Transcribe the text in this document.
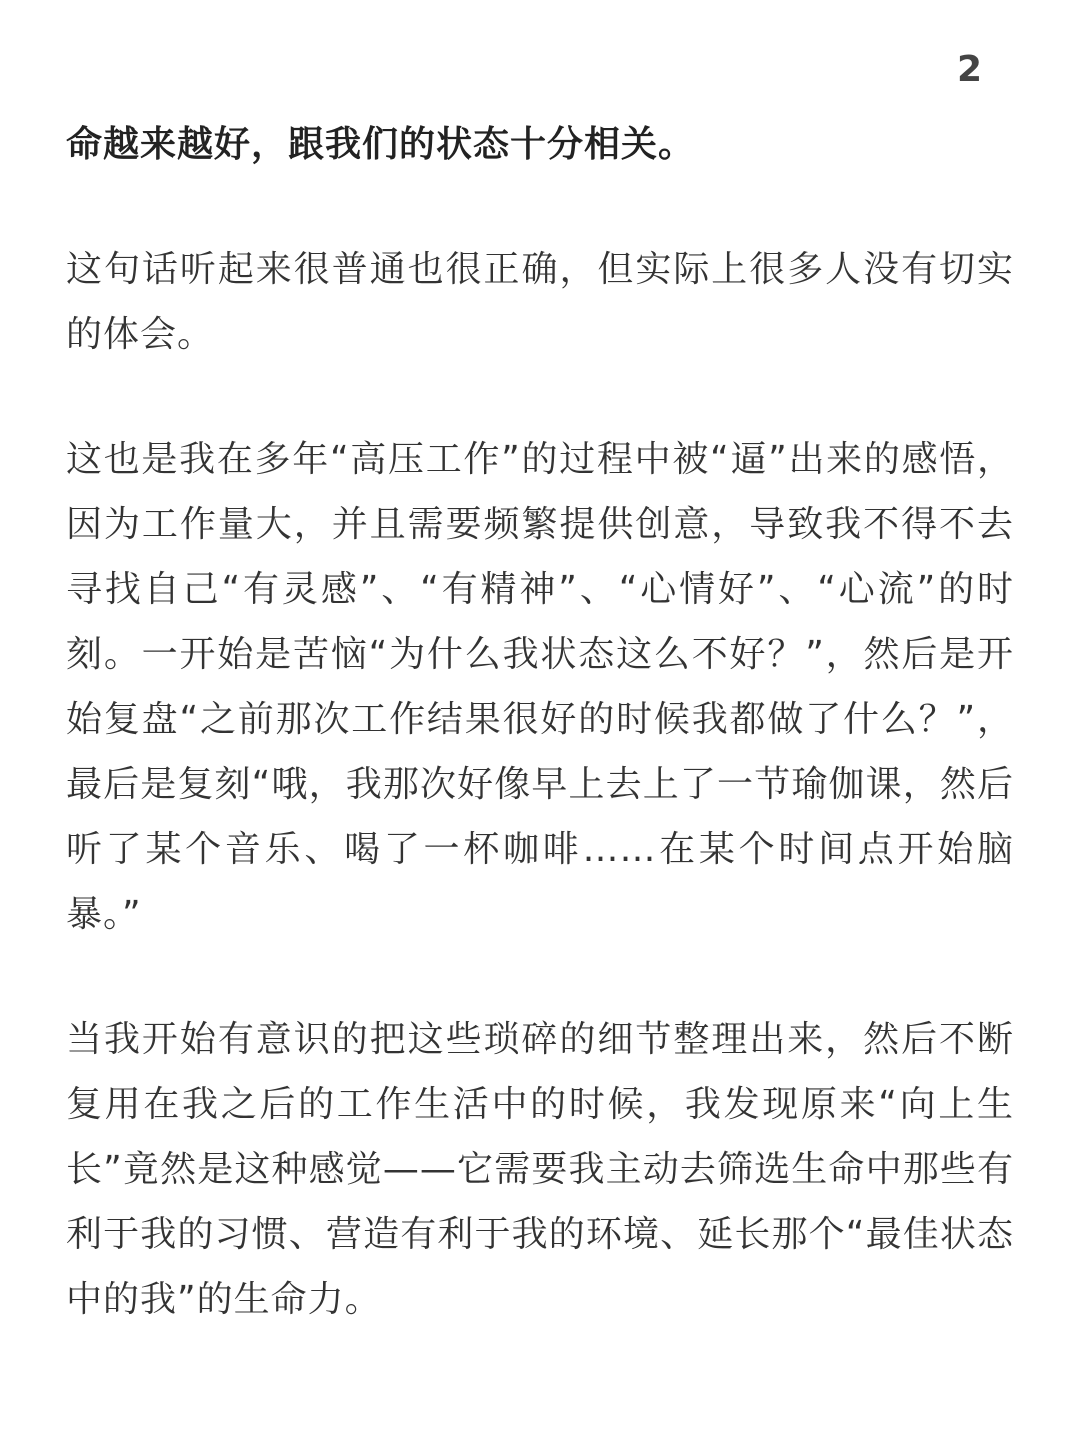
2

命越来越好，跟我们的状态十分相关。

这句话听起来很普通也很正确，但实际上很多人没有切实的体会。

这也是我在多年“高压工作”的过程中被“逼”出来的感悟，因为工作量大，并且需要频繁提供创意，导致我不得不去寻找自己“有灵感”、“有精神”、“心情好”、“心流”的时刻。一开始是苦恼“为什么我状态这么不好？”，然后是开始复盘“之前那次工作结果很好的时候我都做了什么？”，最后是复刻“哦，我那次好像早上去上了一节瑜伽课，然后听了某个音乐、喝了一杯咖啡……在某个时间点开始脑暴。”

当我开始有意识的把这些琐碎的细节整理出来，然后不断复用在我之后的工作生活中的时候，我发现原来“向上生长”竟然是这种感觉——它需要我主动去筛选生命中那些有利于我的习惯、营造有利于我的环境、延长那个“最佳状态中的我”的生命力。
